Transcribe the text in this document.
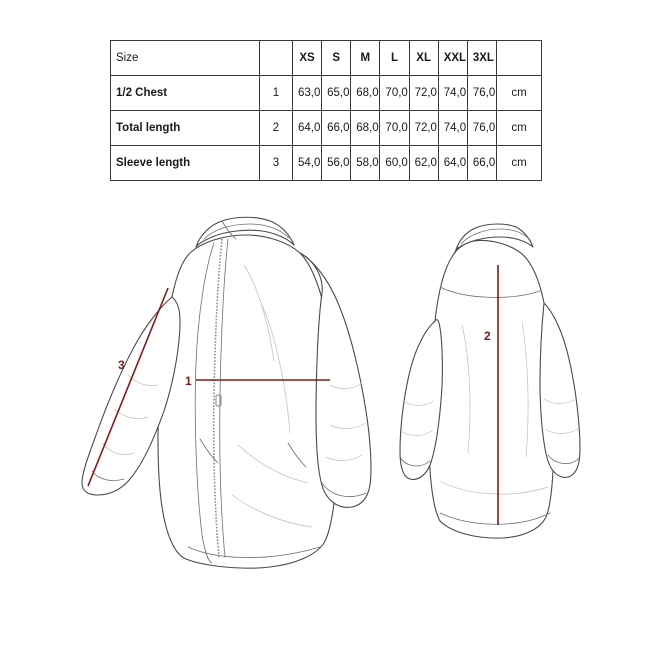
Size		XS	S	M	L	XL	XXL	3XL	
1/2 Chest	1	63,0	65,0	68,0	70,0	72,0	74,0	76,0	cm
Total length	2	64,0	66,0	68,0	70,0	72,0	74,0	76,0	cm
Sleeve length	3	54,0	56,0	58,0	60,0	62,0	64,0	66,0	cm
1
3
2
